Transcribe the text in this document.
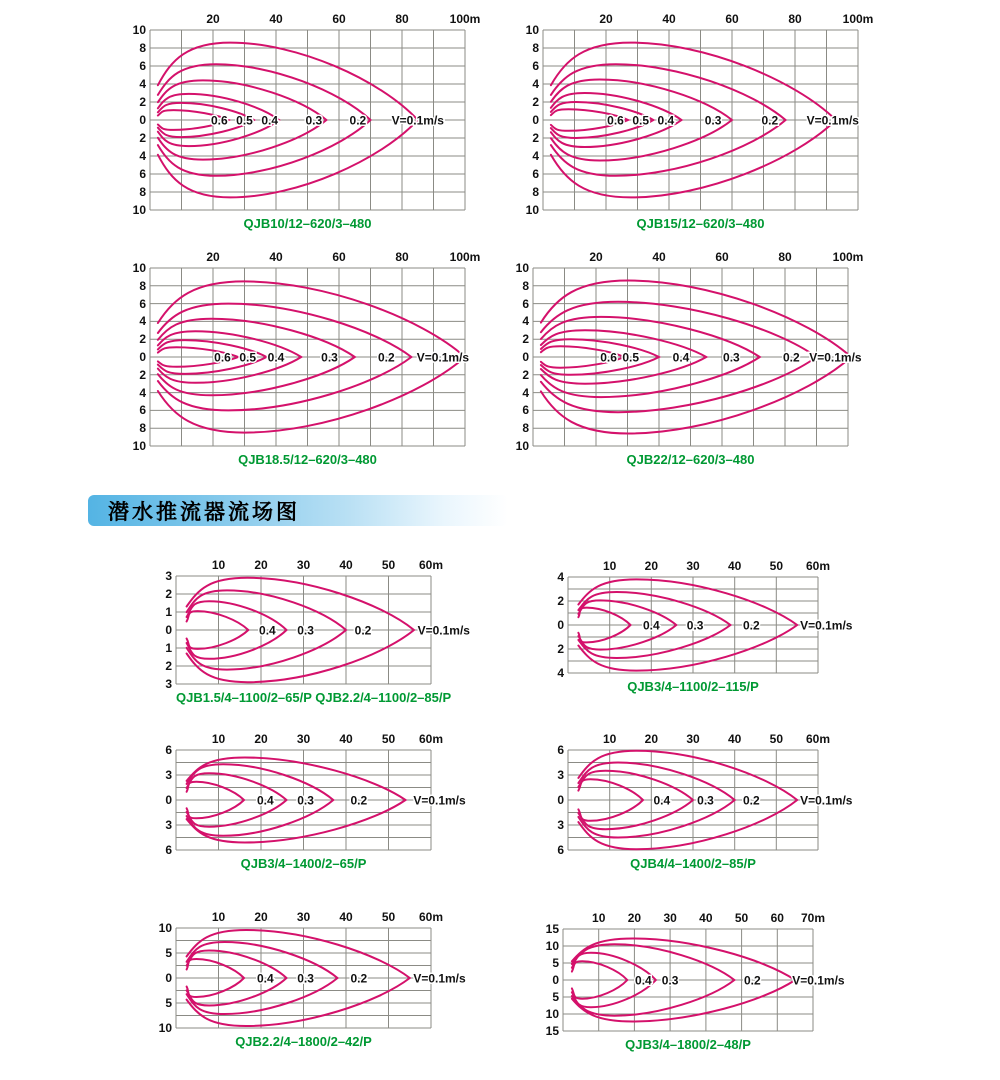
0.6 0.5 0.4 0.3 0.2 V=0.1m/s
QJB10/12–620/3–480
20	40	60	80	100m
10
8
6
4
2
0
2
4
6
8
10
0.6 0.5 0.4	0.3	0.2 V=0.1m/s
QJB15/12–620/3–480
20	40	60	80	100m
10
8
6
4
2
0
2
4
6
8
10
0.6 0.5 0.4	0.3	0.2 V=0.1m/s
QJB18.5/12–620/3–480
20	40	60	80	100m
10
8
6
4
2
0
2
4
6
8
10
0.6 0.5	0.4	0.3	0.2 V=0.1m/s
QJB22/12–620/3–480
20	40	60	80	100m
10
8
6
4
2
0
2
4
6
8
10
潜水推流器流场图
0.4 0.3	0.2	V=0.1m/s
QJB1.5/4–1100/2–65/P QJB2.2/4–1100/2–85/P
10 20 30 40 50 60m
3
2
1
0
1
2
3
0.4 0.3	0.2	V=0.1m/s
QJB3/4–1100/2–115/P
10 20 30 40 50 60m
4
2
0
2
4
0.4 0.3	0.2	V=0.1m/s
QJB3/4–1400/2–65/P
10 20 30 40 50 60m
6
3
0
3
6
0.4 0.3 0.2	V=0.1m/s
QJB4/4–1400/2–85/P
10 20 30 40 50 60m
6
3
0
3
6
0.4 0.3	0.2	V=0.1m/s
QJB2.2/4–1800/2–42/P
10 20 30 40 50 60m
10
5
0
5
10
0.4 0.3	0.2	V=0.1m/s
QJB3/4–1800/2–48/P
10 20 30 40 50 60 70m
15
10
5
0
5
10
15
